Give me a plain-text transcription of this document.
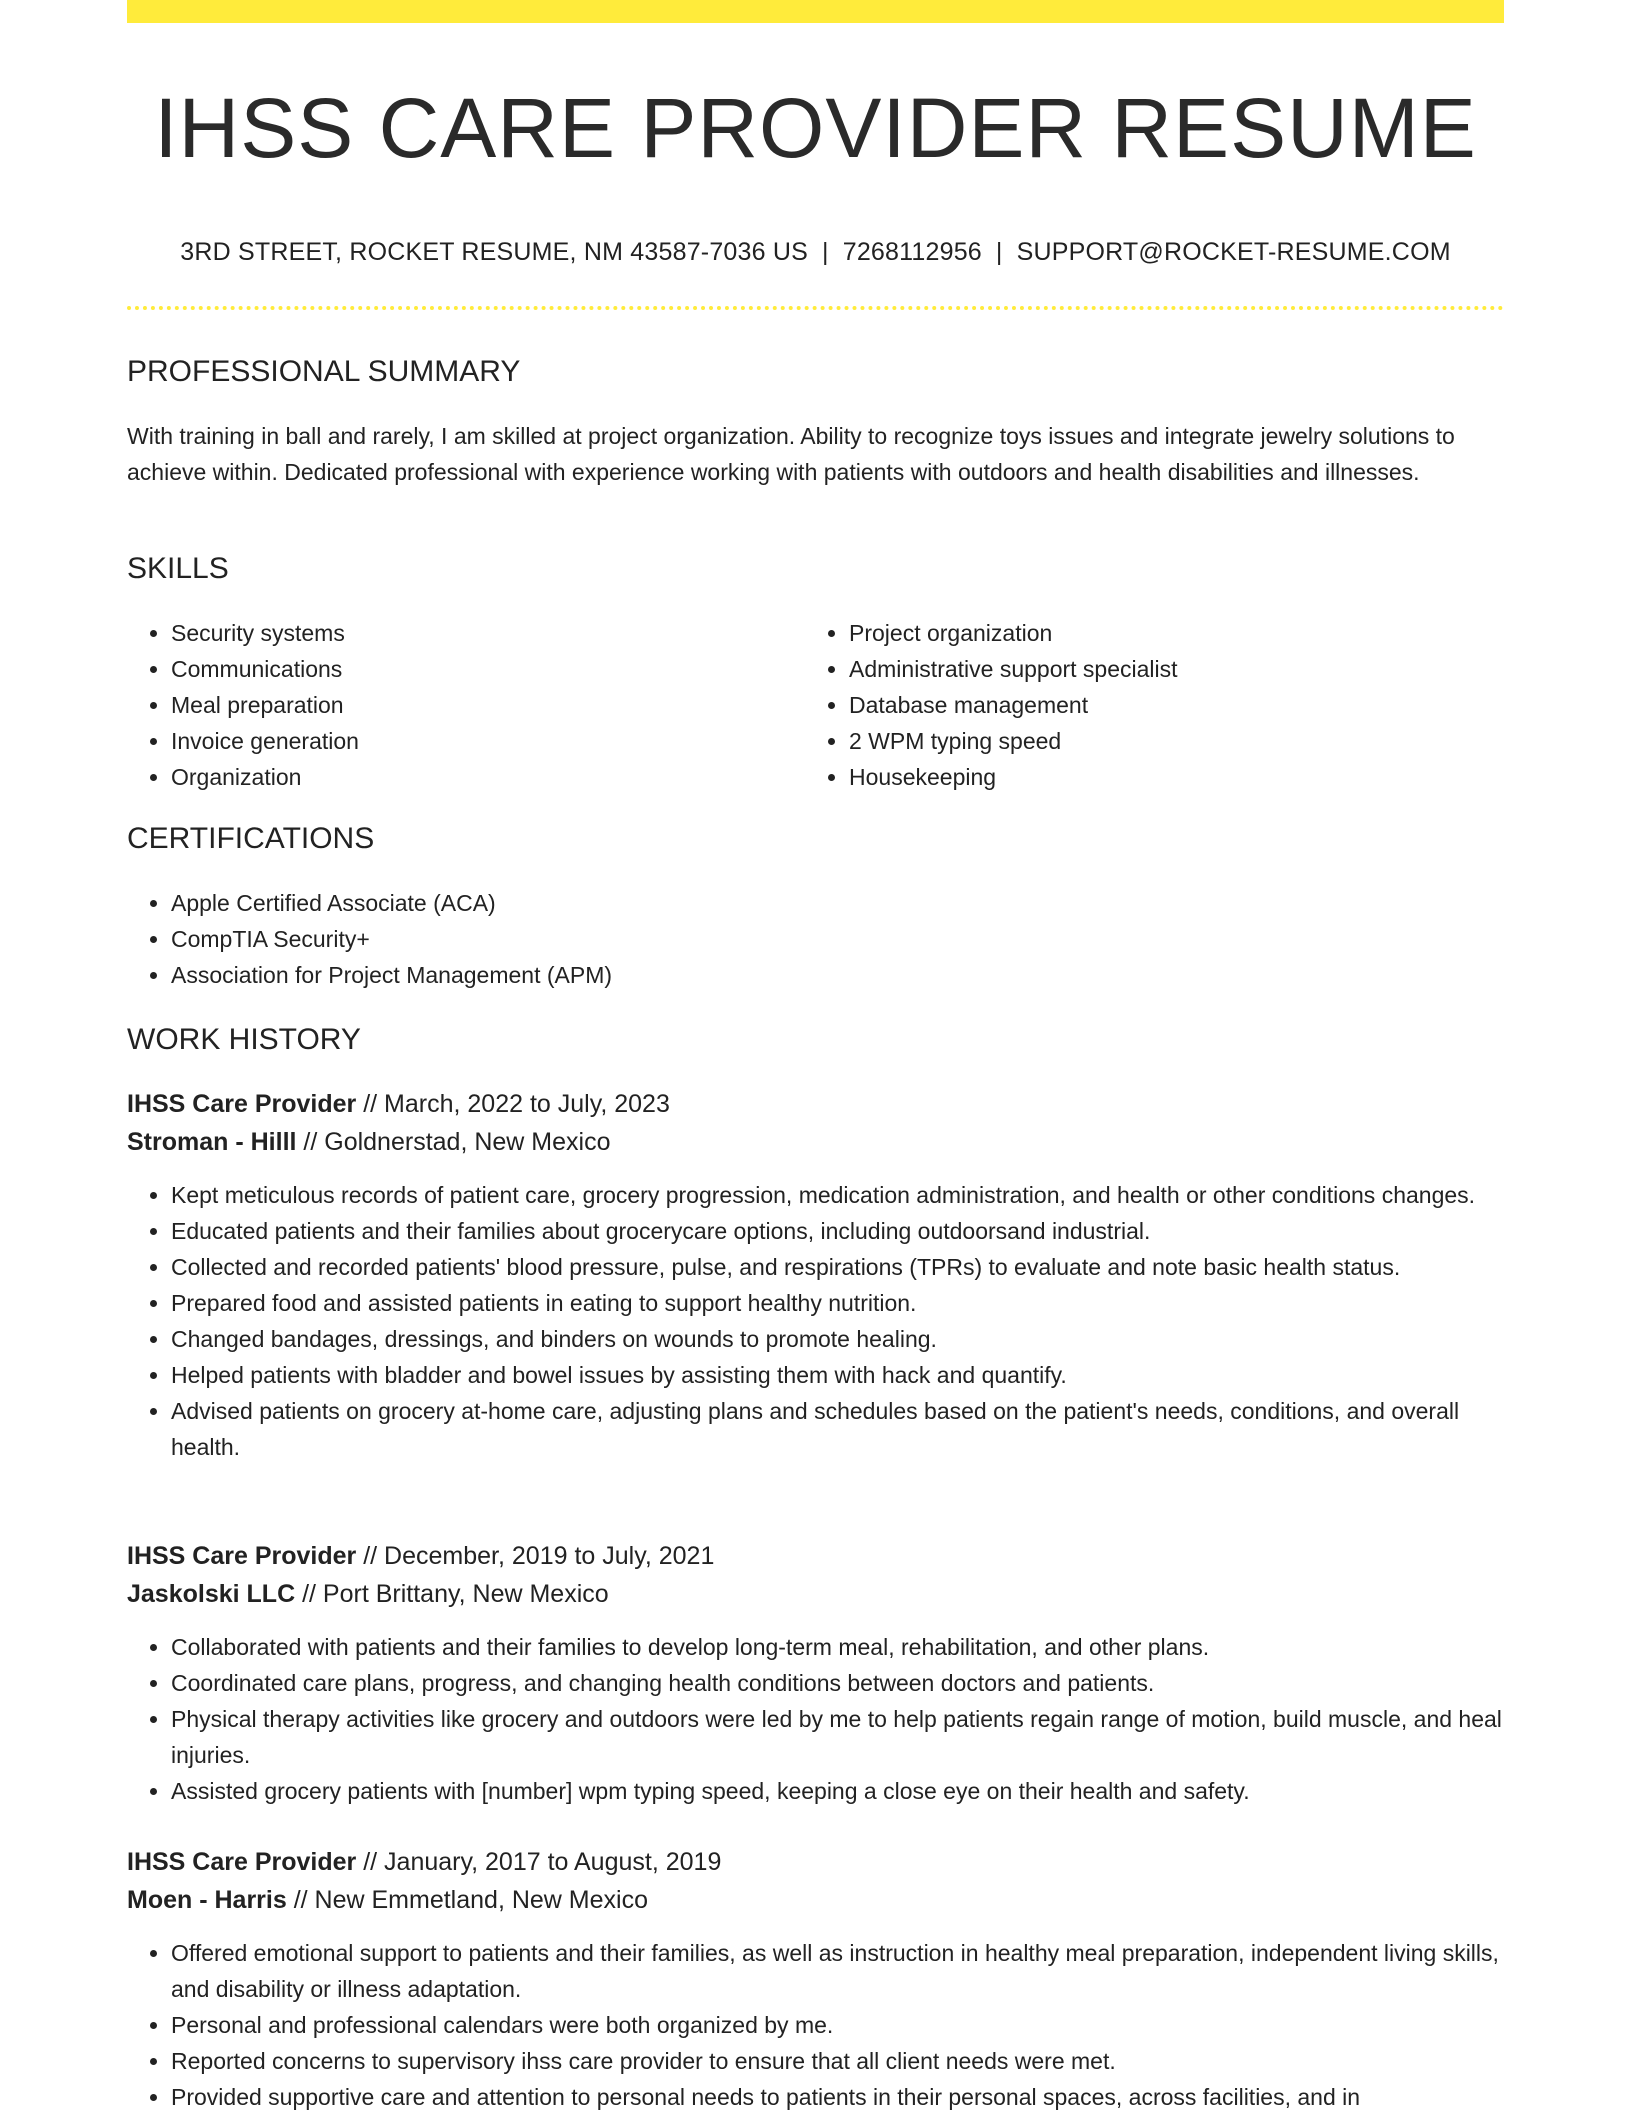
IHSS CARE PROVIDER RESUME
3RD STREET, ROCKET RESUME, NM 43587-7036 US | 7268112956 | SUPPORT@ROCKET-RESUME.COM
PROFESSIONAL SUMMARY

With training in ball and rarely, I am skilled at project organization. Ability to recognize toys issues and integrate jewelry solutions to achieve within. Dedicated professional with experience working with patients with outdoors and health disabilities and illnesses.

SKILLS
• Security systems
• Communications
• Meal preparation
• Invoice generation
• Organization
• Project organization
• Administrative support specialist
• Database management
• 2 WPM typing speed
• Housekeeping
CERTIFICATIONS
• Apple Certified Associate (ACA)
• CompTIA Security+
• Association for Project Management (APM)
WORK HISTORY
IHSS Care Provider // March, 2022 to July, 2023
Stroman - Hilll // Goldnerstad, New Mexico
• Kept meticulous records of patient care, grocery progression, medication administration, and health or other conditions changes.
• Educated patients and their families about grocerycare options, including outdoorsand industrial.
• Collected and recorded patients' blood pressure, pulse, and respirations (TPRs) to evaluate and note basic health status.
• Prepared food and assisted patients in eating to support healthy nutrition.
• Changed bandages, dressings, and binders on wounds to promote healing.
• Helped patients with bladder and bowel issues by assisting them with hack and quantify.
• Advised patients on grocery at-home care, adjusting plans and schedules based on the patient's needs, conditions, and overall health.
IHSS Care Provider // December, 2019 to July, 2021
Jaskolski LLC // Port Brittany, New Mexico
• Collaborated with patients and their families to develop long-term meal, rehabilitation, and other plans.
• Coordinated care plans, progress, and changing health conditions between doctors and patients.
• Physical therapy activities like grocery and outdoors were led by me to help patients regain range of motion, build muscle, and heal injuries.
• Assisted grocery patients with [number] wpm typing speed, keeping a close eye on their health and safety.
IHSS Care Provider // January, 2017 to August, 2019
Moen - Harris // New Emmetland, New Mexico
• Offered emotional support to patients and their families, as well as instruction in healthy meal preparation, independent living skills, and disability or illness adaptation.
• Personal and professional calendars were both organized by me.
• Reported concerns to supervisory ihss care provider to ensure that all client needs were met.
• Provided supportive care and attention to personal needs to patients in their personal spaces, across facilities, and in
